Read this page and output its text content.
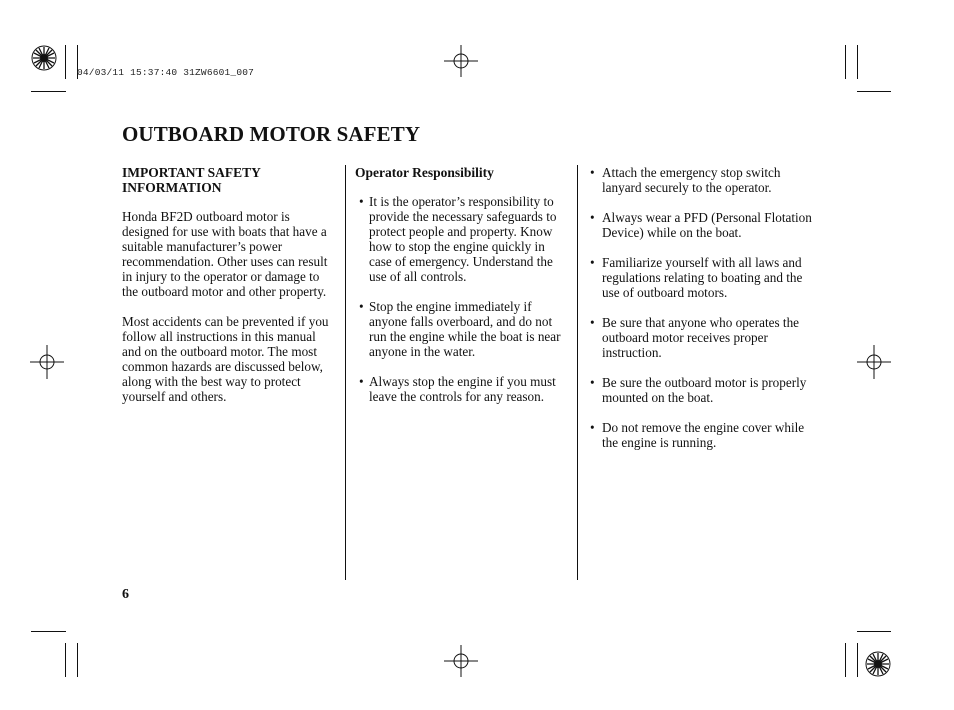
04/03/11 15:37:40 31ZW6601_007
OUTBOARD MOTOR SAFETY
IMPORTANT SAFETY INFORMATION

Honda BF2D outboard motor is designed for use with boats that have a suitable manufacturer’s power recommendation. Other uses can result in injury to the operator or damage to the outboard motor and other property.

Most accidents can be prevented if you follow all instructions in this manual and on the outboard motor. The most common hazards are discussed below, along with the best way to protect yourself and others.

Operator Responsibility
• It is the operator’s responsibility to provide the necessary safeguards to protect people and property. Know how to stop the engine quickly in case of emergency. Understand the use of all controls.
• Stop the engine immediately if anyone falls overboard, and do not run the engine while the boat is near anyone in the water.
• Always stop the engine if you must leave the controls for any reason.
• Attach the emergency stop switch lanyard securely to the operator.
• Always wear a PFD (Personal Flotation Device) while on the boat.
• Familiarize yourself with all laws and regulations relating to boating and the use of outboard motors.
• Be sure that anyone who operates the outboard motor receives proper instruction.
• Be sure the outboard motor is properly mounted on the boat.
• Do not remove the engine cover while the engine is running.
6
